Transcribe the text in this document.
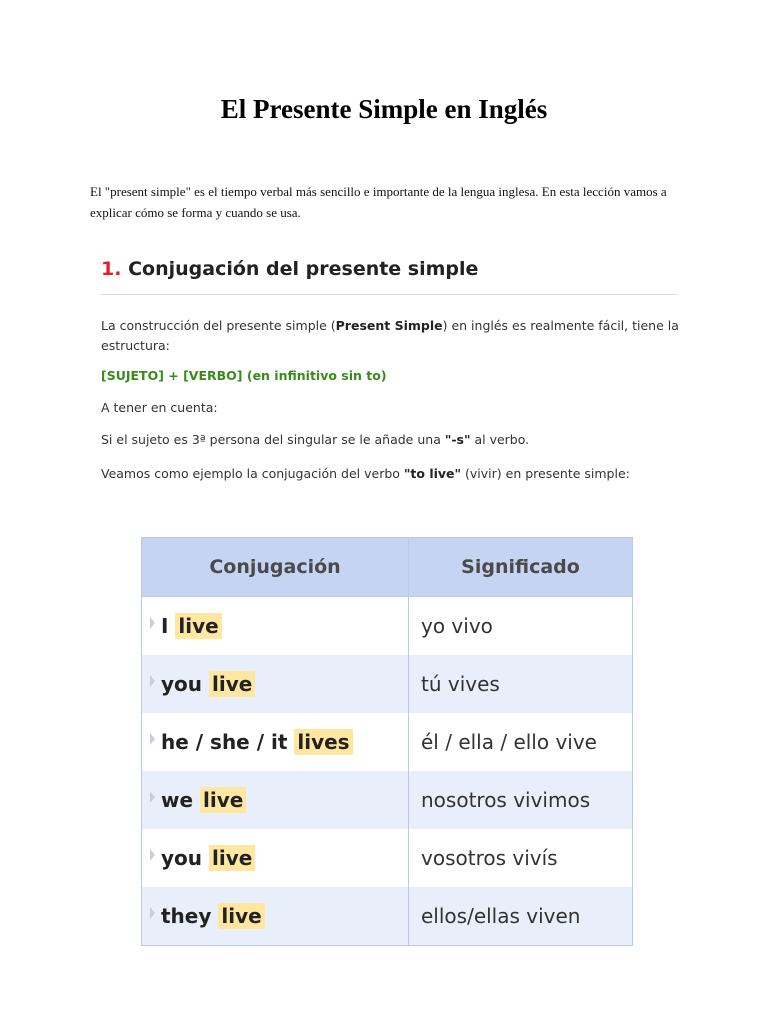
El Presente Simple en Inglés
El "present simple" es el tiempo verbal más sencillo e importante de la lengua inglesa. En esta lección vamos a explicar cómo se forma y cuando se usa.
1. Conjugación del presente simple
La construcción del presente simple (Present Simple) en inglés es realmente fácil, tiene la estructura:
[SUJETO] + [VERBO] (en infinitivo sin to)
A tener en cuenta:
Si el sujeto es 3ª persona del singular se le añade una "-s" al verbo.
Veamos como ejemplo la conjugación del verbo "to live" (vivir) en presente simple:
Conjugación	Significado
I live	yo vivo
you live	tú vives
he / she / it lives	él / ella / ello vive
we live	nosotros vivimos
you live	vosotros vivís
they live	ellos/ellas viven
